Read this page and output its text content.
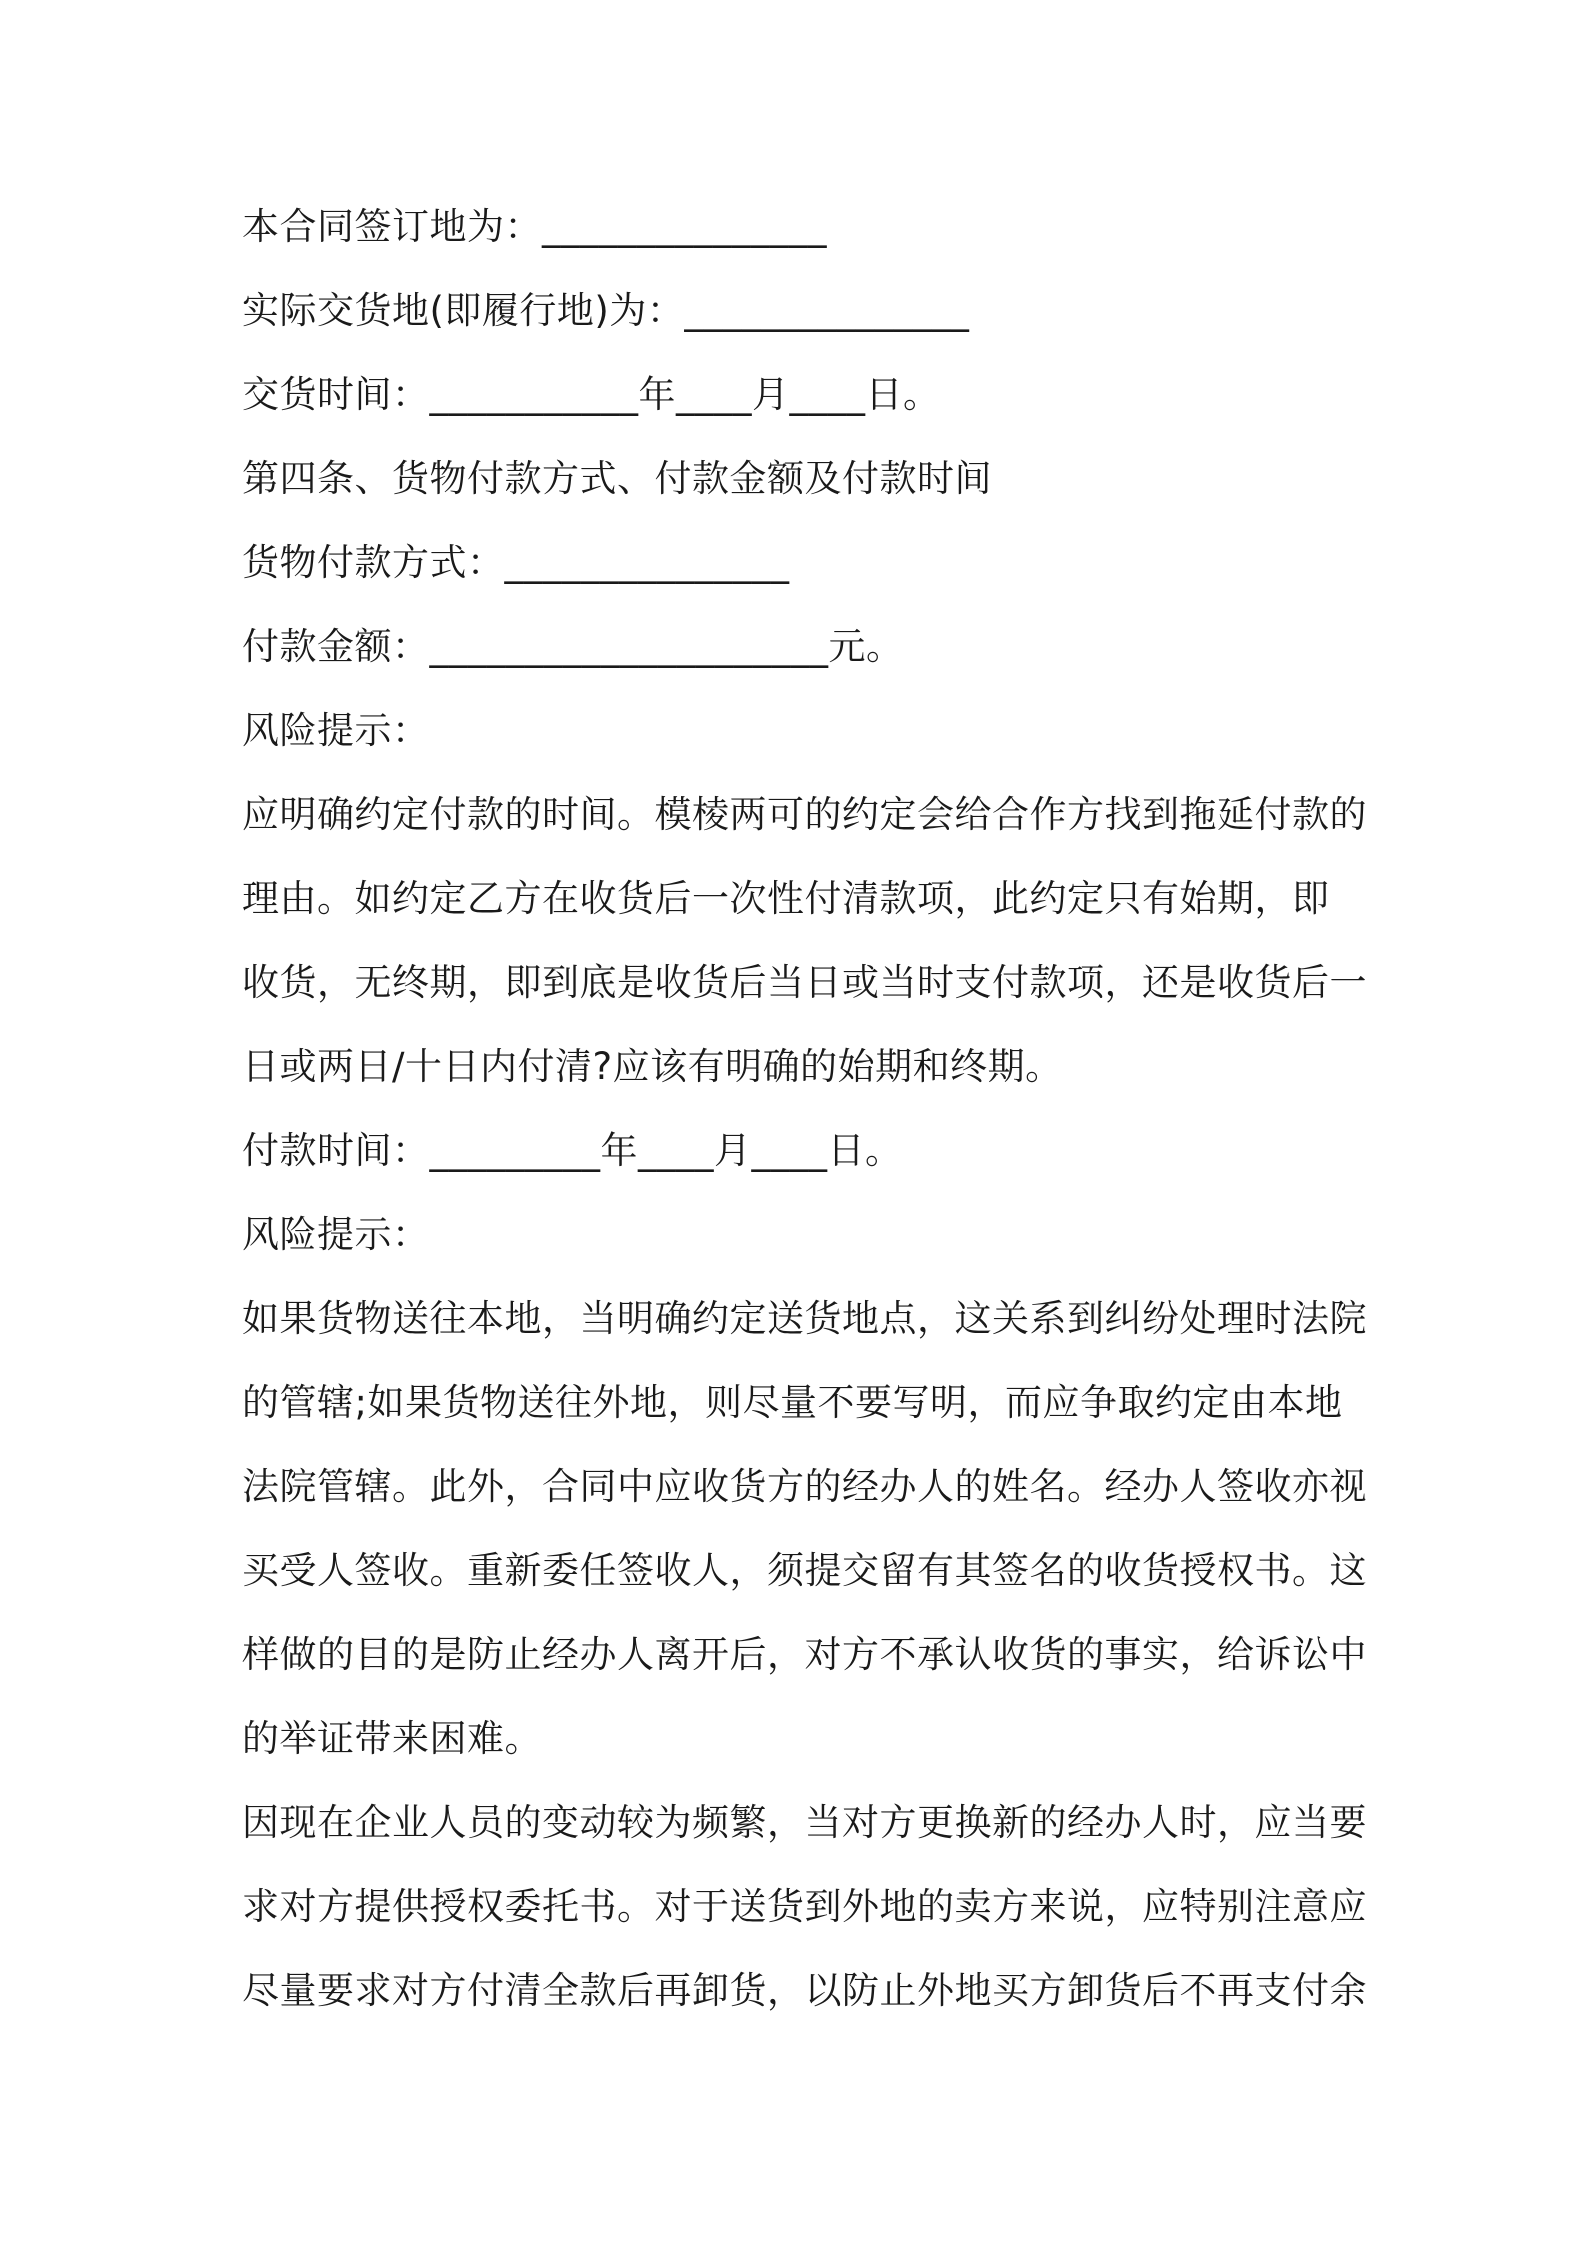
本合同签订地为：_______________
实际交货地(即履行地)为：_______________
交货时间：___________年____月____日。
第四条、货物付款方式、付款金额及付款时间
货物付款方式：_______________
付款金额：_____________________元。
风险提示：
应明确约定付款的时间。模棱两可的约定会给合作方找到拖延付款的
理由。如约定乙方在收货后一次性付清款项，此约定只有始期，即
收货，无终期，即到底是收货后当日或当时支付款项，还是收货后一
日或两日/十日内付清?应该有明确的始期和终期。
付款时间：_________年____月____日。
风险提示：
如果货物送往本地，当明确约定送货地点，这关系到纠纷处理时法院
的管辖;如果货物送往外地，则尽量不要写明，而应争取约定由本地
法院管辖。此外，合同中应收货方的经办人的姓名。经办人签收亦视
买受人签收。重新委任签收人，须提交留有其签名的收货授权书。这
样做的目的是防止经办人离开后，对方不承认收货的事实，给诉讼中
的举证带来困难。
因现在企业人员的变动较为频繁，当对方更换新的经办人时，应当要
求对方提供授权委托书。对于送货到外地的卖方来说，应特别注意应
尽量要求对方付清全款后再卸货，以防止外地买方卸货后不再支付余
